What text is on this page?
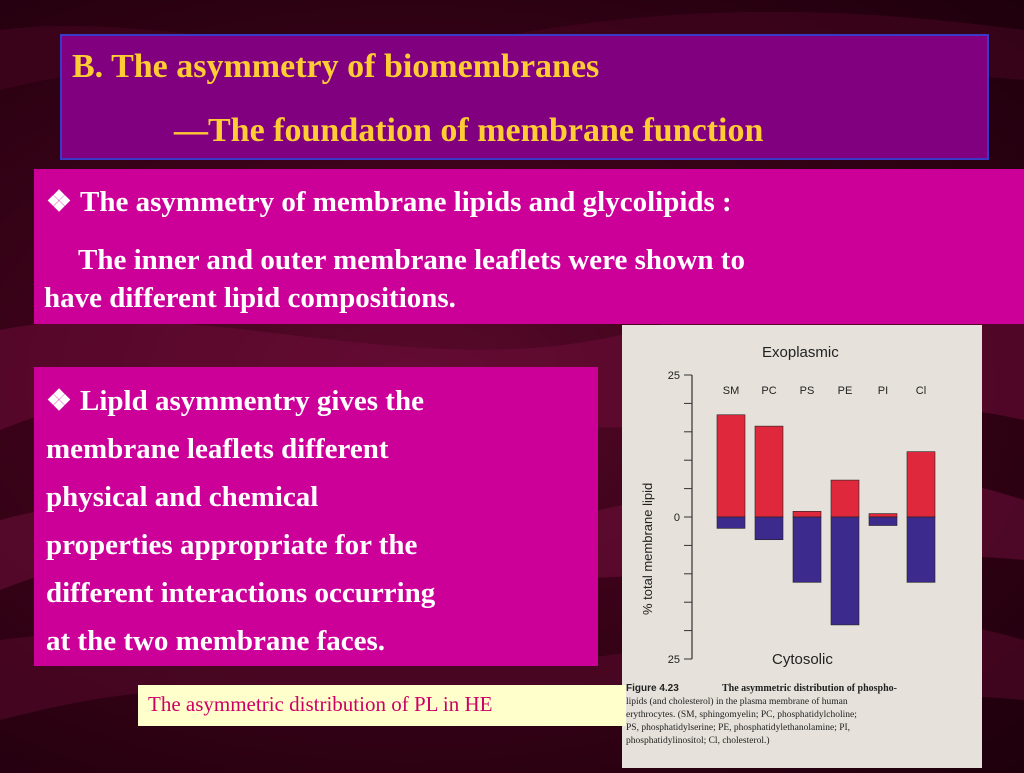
B. The asymmetry of biomembranes
—The foundation of membrane function
❖ The asymmetry of membrane lipids and glycolipids :
The inner and outer membrane leaflets were shown to
have different lipid compositions.
❖ Lipld asymmentry gives the
membrane leaflets different
physical and chemical
properties appropriate for the
different interactions occurring
at the two membrane faces.
Exoplasmic
Cytosolic
% total membrane lipid
25
0
25
SM PC PS PE PI	Cl
Figure 4.23	The asymmetric distribution of phospho-
lipids (and cholesterol) in the plasma membrane of human
erythrocytes. (SM, sphingomyelin; PC, phosphatidylcholine;
PS, phosphatidylserine; PE, phosphatidylethanolamine; PI,
phosphatidylinositol; Cl, cholesterol.)
The asymmetric distribution of PL in HE
